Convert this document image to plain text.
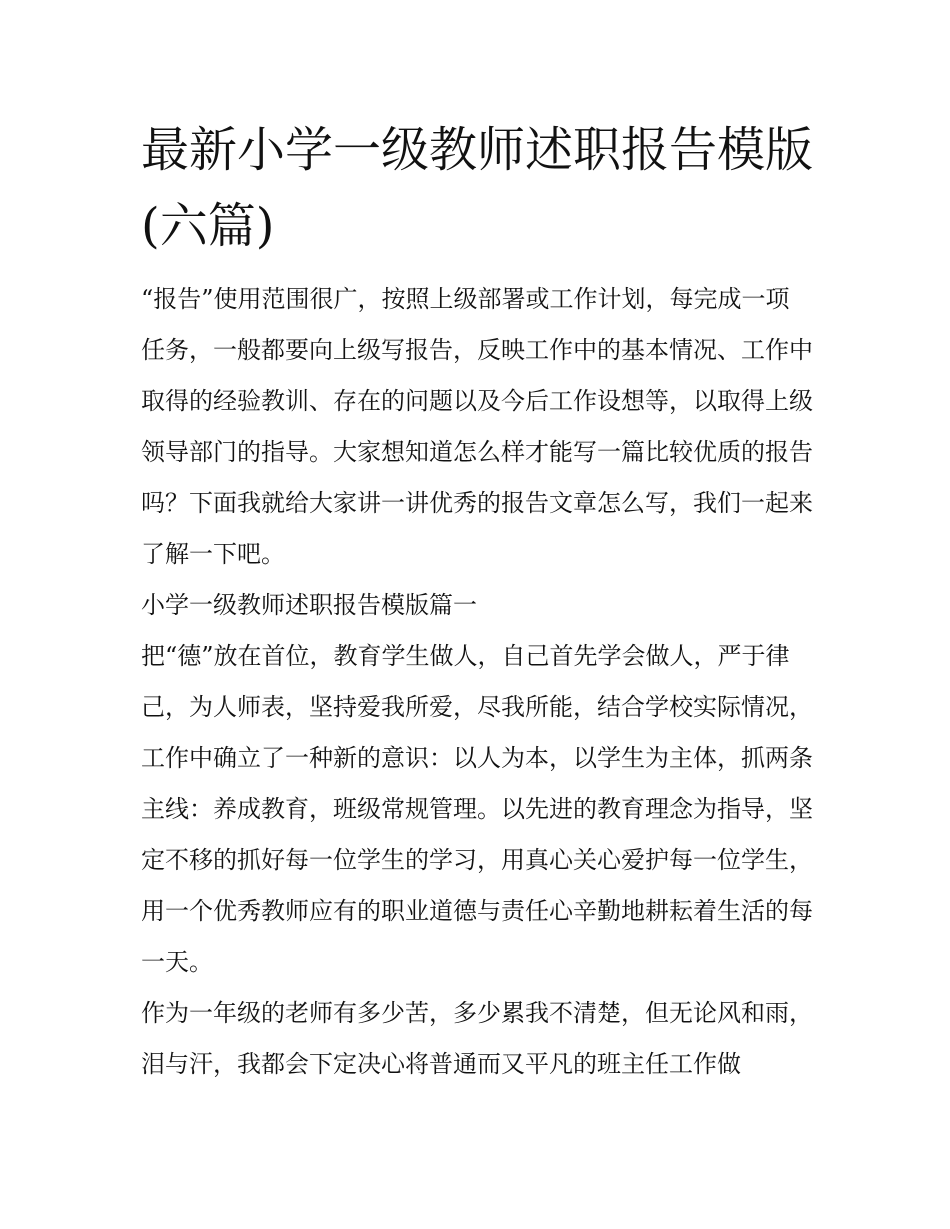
最新小学一级教师述职报告模版(六篇)

“报告”使用范围很广，按照上级部署或工作计划，每完成一项任务，一般都要向上级写报告，反映工作中的基本情况、工作中取得的经验教训、存在的问题以及今后工作设想等，以取得上级领导部门的指导。大家想知道怎么样才能写一篇比较优质的报告吗？下面我就给大家讲一讲优秀的报告文章怎么写，我们一起来了解一下吧。

小学一级教师述职报告模版篇一

把“德”放在首位，教育学生做人，自己首先学会做人，严于律己，为人师表，坚持爱我所爱，尽我所能，结合学校实际情况，工作中确立了一种新的意识：以人为本，以学生为主体，抓两条主线：养成教育，班级常规管理。以先进的教育理念为指导，坚定不移的抓好每一位学生的学习，用真心关心爱护每一位学生，用一个优秀教师应有的职业道德与责任心辛勤地耕耘着生活的每一天。

作为一年级的老师有多少苦，多少累我不清楚，但无论风和雨，泪与汗，我都会下定决心将普通而又平凡的班主任工作做
